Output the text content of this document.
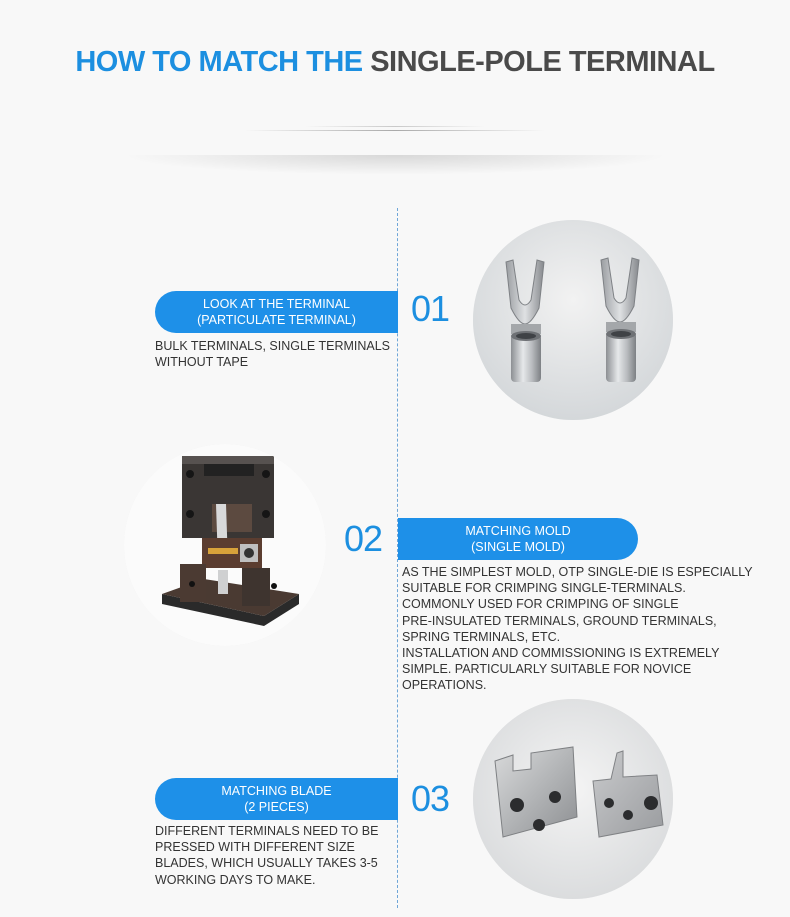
HOW TO MATCH THE SINGLE-POLE TERMINAL
LOOK AT THE TERMINAL
(PARTICULATE TERMINAL)	01
BULK TERMINALS, SINGLE TERMINALS
WITHOUT TAPE
02	MATCHING MOLD
(SINGLE MOLD)
AS THE SIMPLEST MOLD, OTP SINGLE-DIE IS ESPECIALLY
SUITABLE FOR CRIMPING SINGLE-TERMINALS.
COMMONLY USED FOR CRIMPING OF SINGLE
PRE-INSULATED TERMINALS, GROUND TERMINALS,
SPRING TERMINALS, ETC.
INSTALLATION AND COMMISSIONING IS EXTREMELY
SIMPLE. PARTICULARLY SUITABLE FOR NOVICE
OPERATIONS.
MATCHING BLADE
(2 PIECES)	03
DIFFERENT TERMINALS NEED TO BE
PRESSED WITH DIFFERENT SIZE
BLADES, WHICH USUALLY TAKES 3-5
WORKING DAYS TO MAKE.
